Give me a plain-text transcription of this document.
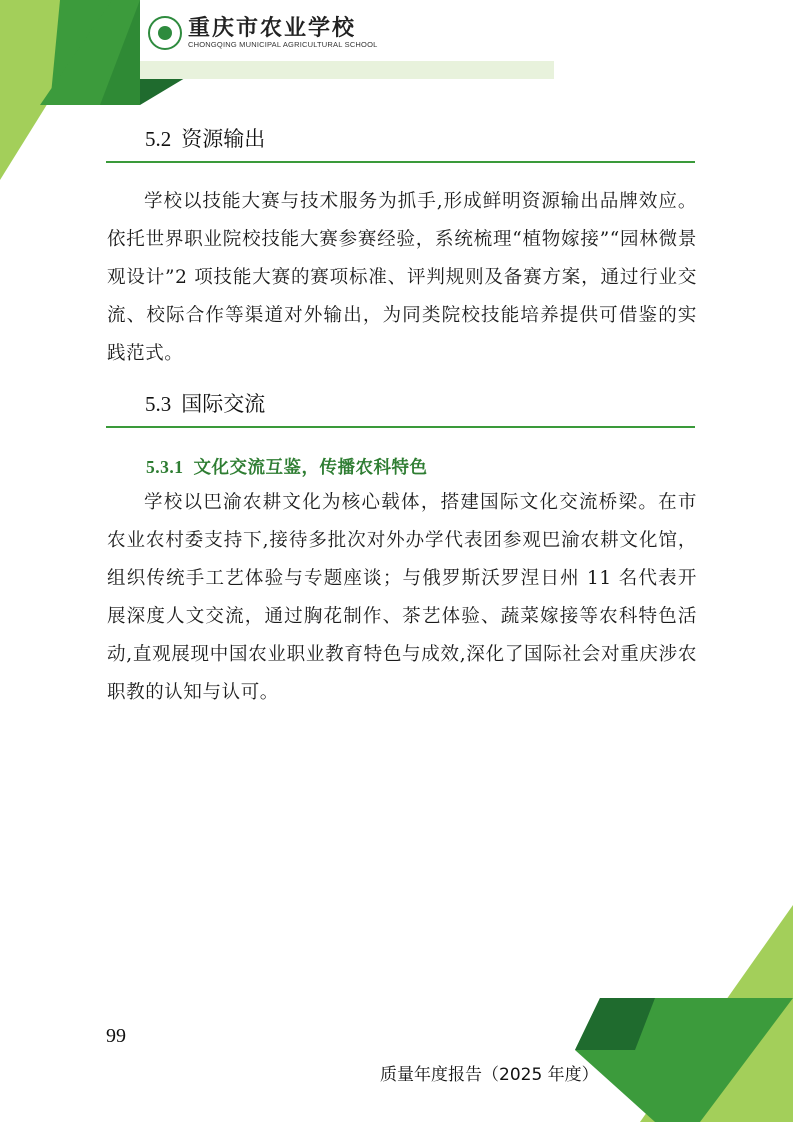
重庆市农业学校
CHONGQING MUNICIPAL AGRICULTURAL SCHOOL
5.2 资源输出

学校以技能大赛与技术服务为抓手,形成鲜明资源输出品牌效应。依托世界职业院校技能大赛参赛经验，系统梳理“植物嫁接”“园林微景观设计”2 项技能大赛的赛项标准、评判规则及备赛方案，通过行业交流、校际合作等渠道对外输出，为同类院校技能培养提供可借鉴的实践范式。

5.3 国际交流
5.3.1 文化交流互鉴，传播农科特色

学校以巴渝农耕文化为核心载体，搭建国际文化交流桥梁。在市农业农村委支持下,接待多批次对外办学代表团参观巴渝农耕文化馆，组织传统手工艺体验与专题座谈；与俄罗斯沃罗涅日州 11 名代表开展深度人文交流，通过胸花制作、茶艺体验、蔬菜嫁接等农科特色活动,直观展现中国农业职业教育特色与成效,深化了国际社会对重庆涉农职教的认知与认可。

99
质量年度报告（2025 年度）
